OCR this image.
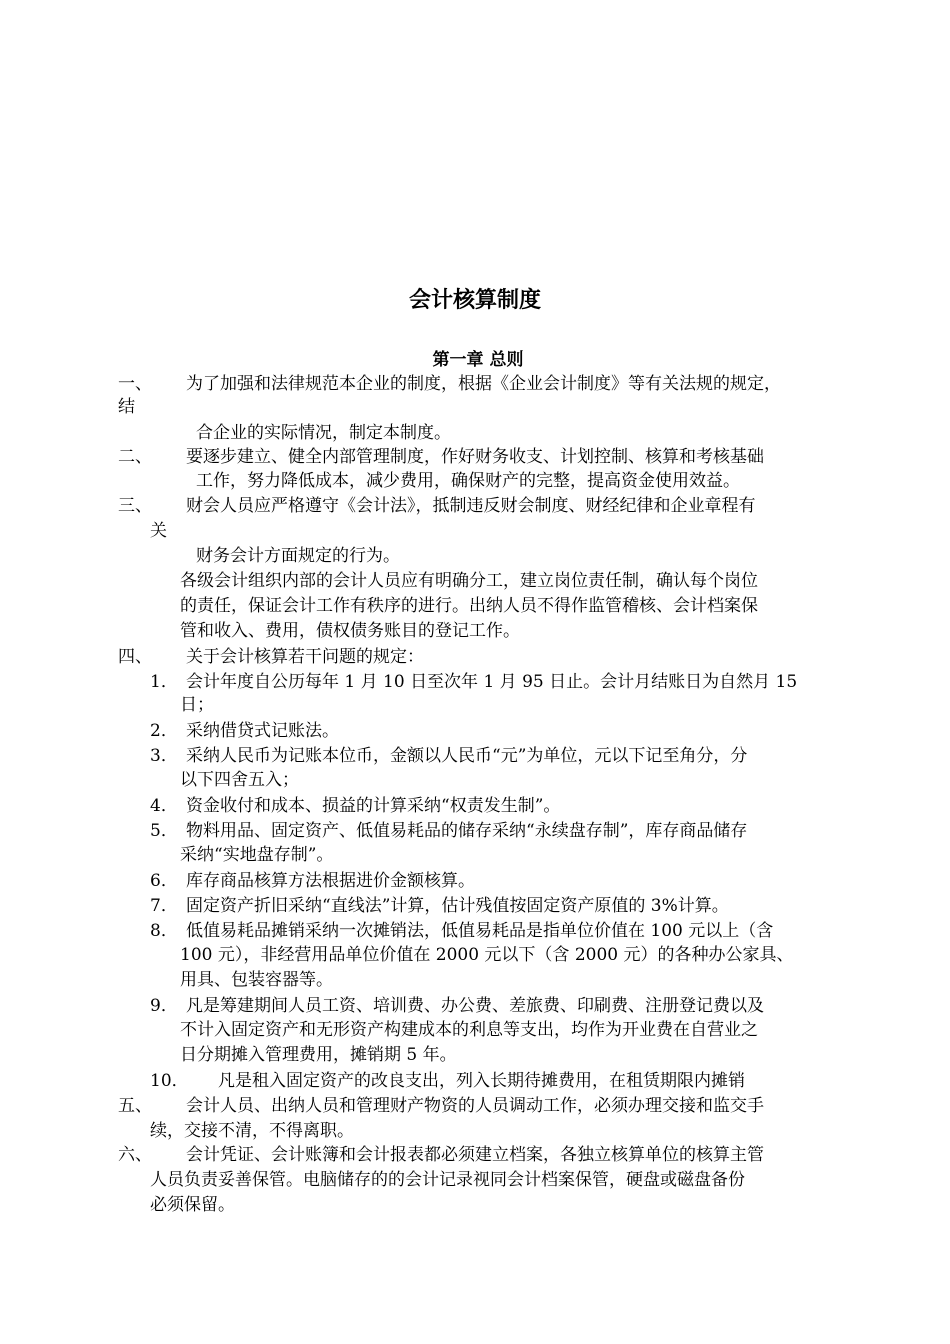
会计核算制度
第一章 总则
一、 为了加强和法律规范本企业的制度，根据《企业会计制度》等有关法规的规定，
结
合企业的实际情况，制定本制度。
二、 要逐步建立、健全内部管理制度，作好财务收支、计划控制、核算和考核基础
工作，努力降低成本，减少费用，确保财产的完整，提高资金使用效益。
三、 财会人员应严格遵守《会计法》，抵制违反财会制度、财经纪律和企业章程有
关
财务会计方面规定的行为。
各级会计组织内部的会计人员应有明确分工，建立岗位责任制，确认每个岗位
的责任，保证会计工作有秩序的进行。出纳人员不得作监管稽核、会计档案保
管和收入、费用，债权债务账目的登记工作。
四、 关于会计核算若干问题的规定：
1． 会计年度自公历每年 1 月 10 日至次年 1 月 95 日止。会计月结账日为自然月 15
日；
2． 采纳借贷式记账法。
3． 采纳人民币为记账本位币，金额以人民币“元”为单位，元以下记至角分，分
以下四舍五入；
4． 资金收付和成本、损益的计算采纳“权责发生制”。
5． 物料用品、固定资产、低值易耗品的储存采纳“永续盘存制”，库存商品储存
采纳“实地盘存制”。
6． 库存商品核算方法根据进价金额核算。
7． 固定资产折旧采纳“直线法”计算，估计残值按固定资产原值的 3%计算。
8． 低值易耗品摊销采纳一次摊销法，低值易耗品是指单位价值在 100 元以上（含
100 元），非经营用品单位价值在 2000 元以下（含 2000 元）的各种办公家具、
用具、包装容器等。
9． 凡是筹建期间人员工资、培训费、办公费、差旅费、印刷费、注册登记费以及
不计入固定资产和无形资产构建成本的利息等支出，均作为开业费在自营业之
日分期摊入管理费用，摊销期 5 年。
10． 凡是租入固定资产的改良支出，列入长期待摊费用，在租赁期限内摊销
五、 会计人员、出纳人员和管理财产物资的人员调动工作，必须办理交接和监交手
续，交接不清，不得离职。
六、 会计凭证、会计账簿和会计报表都必须建立档案，各独立核算单位的核算主管
人员负责妥善保管。电脑储存的的会计记录视同会计档案保管，硬盘或磁盘备份
必须保留。
